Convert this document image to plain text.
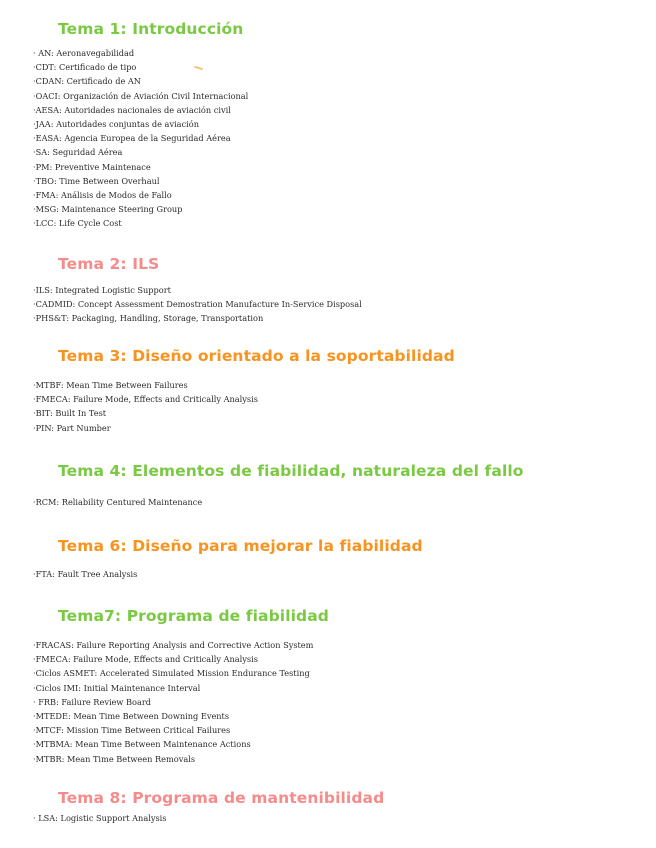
Tema 1: Introducción
· AN: Aeronavegabilidad
·CDT: Certificado de tipo
·CDAN: Certificado de AN
·OACI: Organización de Aviación Civil Internacional
·AESA: Autoridades nacionales de aviación civil
·JAA: Autoridades conjuntas de aviación
·EASA: Agencia Europea de la Seguridad Aérea
·SA: Seguridad Aérea
·PM: Preventive Maintenace
·TBO: Time Between Overhaul
·FMA: Análisis de Modos de Fallo
·MSG: Maintenance Steering Group
·LCC: Life Cycle Cost
Tema 2: ILS
·ILS: Integrated Logistic Support
·CADMID: Concept Assessment Demostration Manufacture In-Service Disposal
·PHS&T: Packaging, Handling, Storage, Transportation
Tema 3: Diseño orientado a la soportabilidad
·MTBF: Mean Time Between Failures
·FMECA: Failure Mode, Effects and Critically Analysis
·BIT: Built In Test
·PIN: Part Number
Tema 4: Elementos de fiabilidad, naturaleza del fallo
·RCM: Reliability Centured Maintenance
Tema 6: Diseño para mejorar la fiabilidad
·FTA: Fault Tree Analysis
Tema7: Programa de fiabilidad
·FRACAS: Failure Reporting Analysis and Corrective Action System
·FMECA: Failure Mode, Effects and Critically Analysis
·Ciclos ASMET: Accelerated Simulated Mission Endurance Testing
·Ciclos IMI: Initial Maintenance Interval
· FRB: Failure Review Board
·MTEDE: Mean Time Between Downing Events
·MTCF: Mission Time Between Critical Failures
·MTBMA: Mean Time Between Maintenance Actions
·MTBR: Mean Time Between Removals
Tema 8: Programa de mantenibilidad
· LSA: Logistic Support Analysis
